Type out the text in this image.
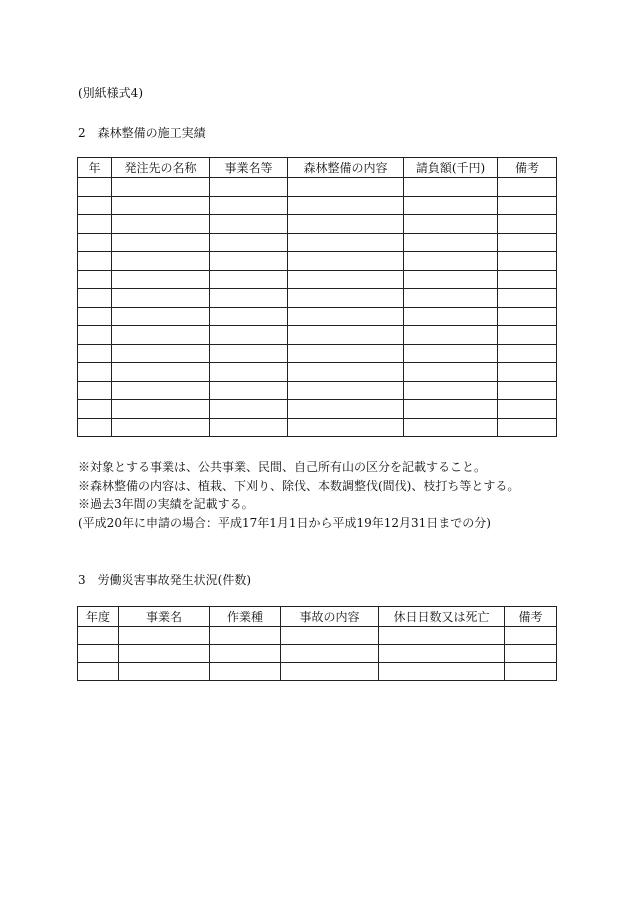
(別紙様式4)
2　森林整備の施工実績
年	発注先の名称	事業名等	森林整備の内容	請負額(千円)	備考

※対象とする事業は、公共事業、民間、自己所有山の区分を記載すること。
※森林整備の内容は、植栽、下刈り、除伐、本数調整伐(間伐)、枝打ち等とする。
※過去3年間の実績を記載する。
(平成20年に申請の場合：平成17年1月1日から平成19年12月31日までの分)
3　労働災害事故発生状況(件数)
年度	事業名	作業種	事故の内容	休日日数又は死亡	備考
